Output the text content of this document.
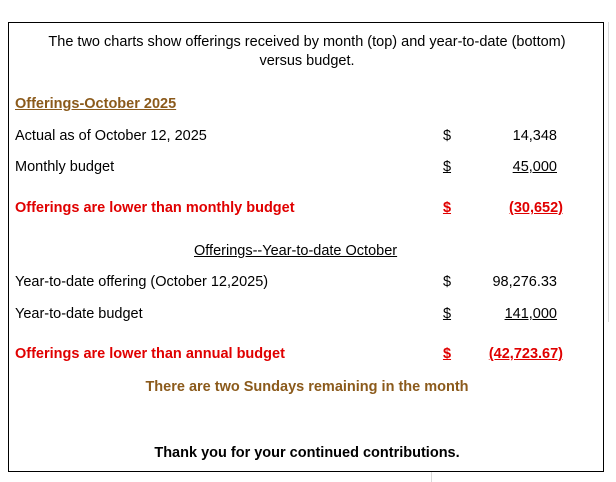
The two charts show offerings received by month (top) and year-to-date (bottom)
versus budget.
Offerings-October 2025
Actual as of October 12, 2025	$	14,348
Monthly budget	$	45,000
Offerings are lower than monthly budget	$	(30,652)
Offerings--Year-to-date October
Year-to-date offering (October 12,2025)	$	98,276.33
Year-to-date budget	$	141,000
Offerings are lower than annual budget	$	(42,723.67)
There are two Sundays remaining in the month
Thank you for your continued contributions.
